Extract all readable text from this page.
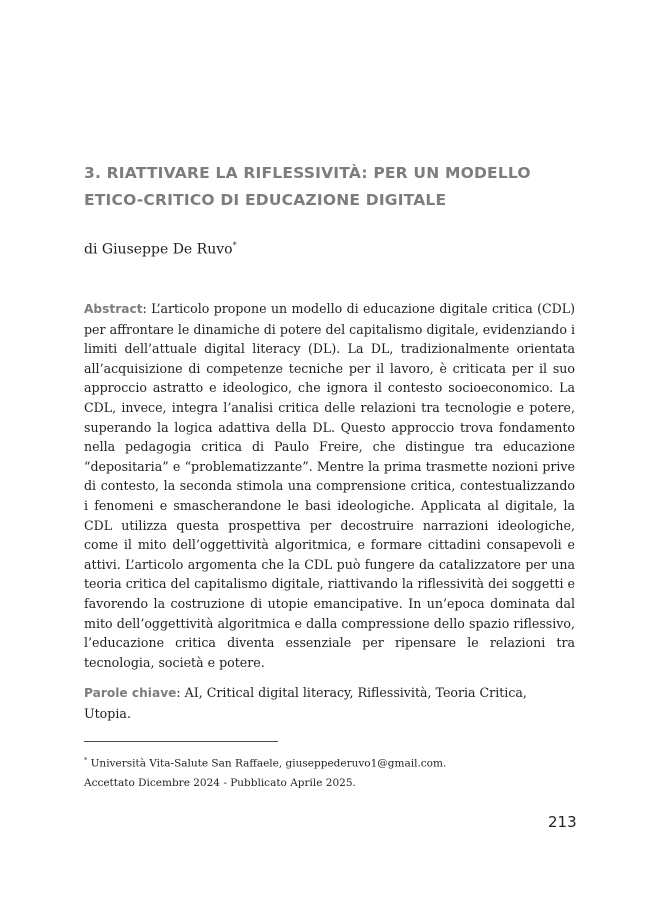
3. RIATTIVARE LA RIFLESSIVITÀ: PER UN MODELLO ETICO-CRITICO DI EDUCAZIONE DIGITALE
di Giuseppe De Ruvo*

Abstract: L’articolo propone un modello di educazione digitale critica (CDL) per affrontare le dinamiche di potere del capitalismo digitale, evidenziando i limiti dell’attuale digital literacy (DL). La DL, tradizionalmente orientata all’acquisizione di competenze tecniche per il lavoro, è criticata per il suo approccio astratto e ideologico, che ignora il contesto socioeconomico. La CDL, invece, integra l’analisi critica delle relazioni tra tecnologie e potere, superando la logica adattiva della DL. Questo approccio trova fondamento nella pedagogia critica di Paulo Freire, che distingue tra educazione “depositaria” e “problematizzante”. Mentre la prima trasmette nozioni prive di contesto, la seconda stimola una comprensione critica, contestualizzando i fenomeni e smascherandone le basi ideologiche. Applicata al digitale, la CDL utilizza questa prospettiva per decostruire narrazioni ideologiche, come il mito dell’oggettività algoritmica, e formare cittadini consapevoli e attivi. L’articolo argomenta che la CDL può fungere da catalizzatore per una teoria critica del capitalismo digitale, riattivando la riflessività dei soggetti e favorendo la costruzione di utopie emancipative. In un’epoca dominata dal mito dell’oggettività algoritmica e dalla compressione dello spazio riflessivo, l’educazione critica diventa essenziale per ripensare le relazioni tra tecnologia, società e potere.

Parole chiave: AI, Critical digital literacy, Riflessività, Teoria Critica, Utopia.

* Università Vita-Salute San Raffaele, giuseppederuvo1@gmail.com.

Accettato Dicembre 2024 - Pubblicato Aprile 2025.

213
